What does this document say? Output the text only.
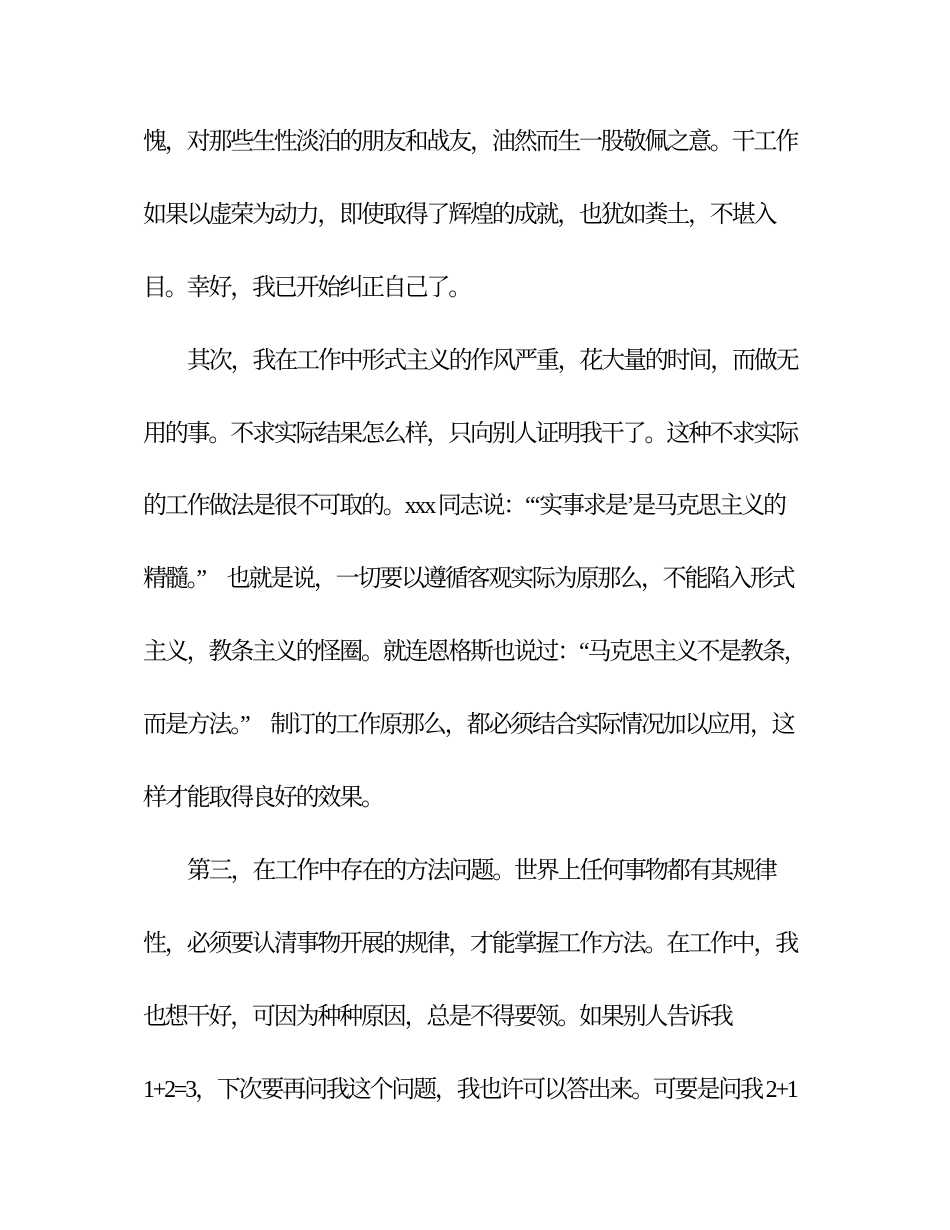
愧，对那些生性淡泊的朋友和战友，油然而生一股敬佩之意。干工作
如果以虚荣为动力，即使取得了辉煌的成就，也犹如粪土，不堪入
目。幸好，我已开始纠正自己了。
其次，我在工作中形式主义的作风严重，花大量的时间，而做无
用的事。不求实际结果怎么样，只向别人证明我干了。这种不求实际
的工作做法是很不可取的。xxx 同志说：“‘实事求是’是马克思主义的
精髓。”　也就是说，一切要以遵循客观实际为原那么，不能陷入形式
主义，教条主义的怪圈。就连恩格斯也说过：“马克思主义不是教条，
而是方法。”　制订的工作原那么，都必须结合实际情况加以应用，这
样才能取得良好的效果。
第三，在工作中存在的方法问题。世界上任何事物都有其规律
性，必须要认清事物开展的规律，才能掌握工作方法。在工作中，我
也想干好，可因为种种原因，总是不得要领。如果别人告诉我
1+2=3，下次要再问我这个问题，我也许可以答出来。可要是问我 2+1
